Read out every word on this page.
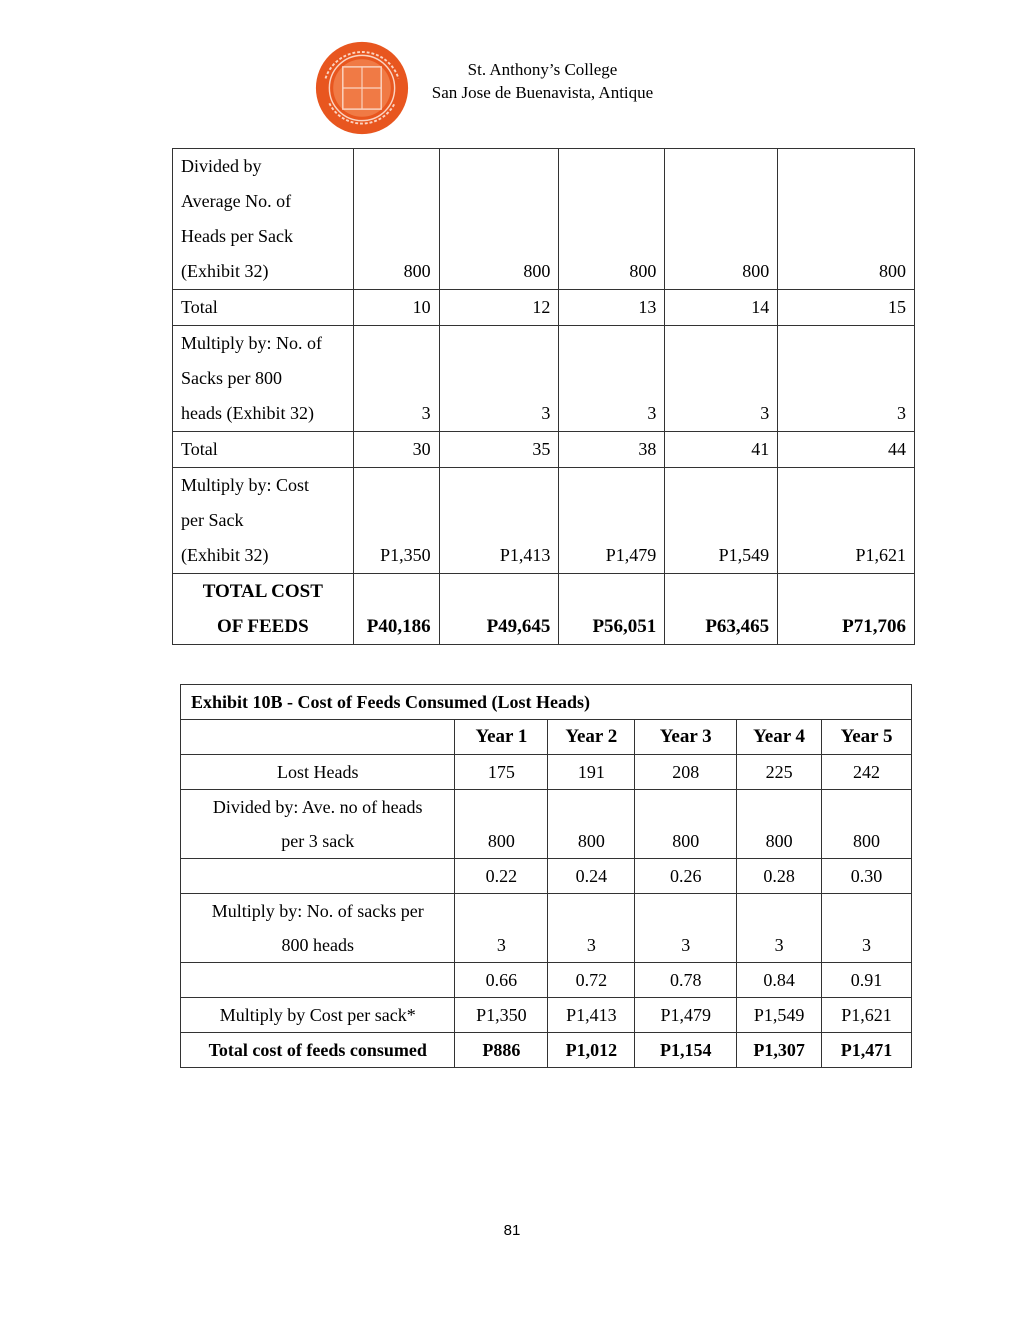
St. Anthony’s College
San Jose de Buenavista, Antique
Divided by
Average No. of
Heads per Sack
(Exhibit 32)	800	800	800	800	800

Total	10	12	13	14	15

Multiply by: No. of
Sacks per 800
heads (Exhibit 32)	3	3	3	3	3

Total	30	35	38	41	44

Multiply by: Cost
per Sack
(Exhibit 32)	P1,350	P1,413	P1,479	P1,549	P1,621

TOTAL COST
OF FEEDS	P40,186	P49,645	P56,051	P63,465	P71,706
Exhibit 10B - Cost of Feeds Consumed (Lost Heads)					
	Year 1	Year 2	Year 3	Year 4	Year 5

Lost Heads	175	191	208	225	242

Divided by: Ave. no of heads
per 3 sack	800	800	800	800	800

	0.22	0.24	0.26	0.28	0.30

Multiply by: No. of sacks per
800 heads	3	3	3	3	3

	0.66	0.72	0.78	0.84	0.91

Multiply by Cost per sack*	P1,350	P1,413	P1,479	P1,549	P1,621

Total cost of feeds consumed	P886	P1,012	P1,154	P1,307	P1,471
81
